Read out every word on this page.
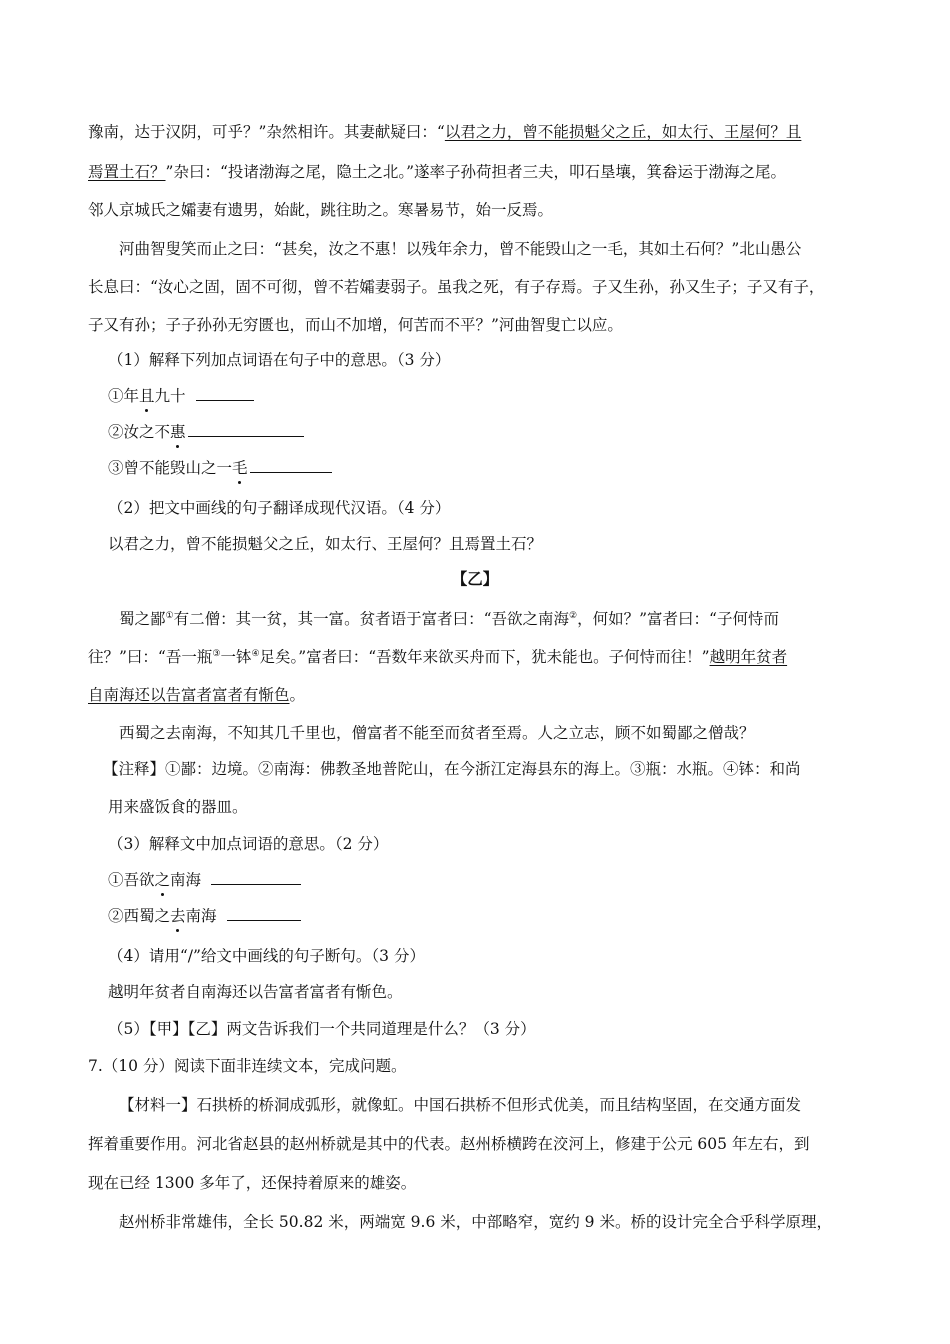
豫南，达于汉阴，可乎？”杂然相许。其妻献疑曰：“以君之力，曾不能损魁父之丘，如太行、王屋何？且
焉置土石？”杂曰：“投诸渤海之尾，隐土之北。”遂率子孙荷担者三夫，叩石垦壤，箕畚运于渤海之尾。
邻人京城氏之孀妻有遗男，始龀，跳往助之。寒暑易节，始一反焉。
河曲智叟笑而止之曰：“甚矣，汝之不惠！以残年余力，曾不能毁山之一毛，其如土石何？”北山愚公
长息曰：“汝心之固，固不可彻，曾不若孀妻弱子。虽我之死，有子存焉。子又生孙，孙又生子；子又有子，
子又有孙；子子孙孙无穷匮也，而山不加增，何苦而不平？”河曲智叟亡以应。
（1）解释下列加点词语在句子中的意思。（3 分）
①年且九十
②汝之不惠
③曾不能毁山之一毛
（2）把文中画线的句子翻译成现代汉语。（4 分）
以君之力，曾不能损魁父之丘，如太行、王屋何？且焉置土石？
【乙】
蜀之鄙①有二僧：其一贫，其一富。贫者语于富者曰：“吾欲之南海②，何如？”富者曰：“子何恃而
往？”曰：“吾一瓶③一钵④足矣。”富者曰：“吾数年来欲买舟而下，犹未能也。子何恃而往！”越明年贫者
自南海还以告富者富者有惭色。
西蜀之去南海，不知其几千里也，僧富者不能至而贫者至焉。人之立志，顾不如蜀鄙之僧哉？
【注释】①鄙：边境。②南海：佛教圣地普陀山，在今浙江定海县东的海上。③瓶：水瓶。④钵：和尚
用来盛饭食的器皿。
（3）解释文中加点词语的意思。（2 分）
①吾欲之南海
②西蜀之去南海
（4）请用“/”给文中画线的句子断句。（3 分）
越明年贫者自南海还以告富者富者有惭色。
（5）【甲】【乙】两文告诉我们一个共同道理是什么？（3 分）
7.（10 分）阅读下面非连续文本，完成问题。
【材料一】石拱桥的桥洞成弧形，就像虹。中国石拱桥不但形式优美，而且结构坚固，在交通方面发
挥着重要作用。河北省赵县的赵州桥就是其中的代表。赵州桥横跨在洨河上，修建于公元 605 年左右，到
现在已经 1300 多年了，还保持着原来的雄姿。
赵州桥非常雄伟，全长 50.82 米，两端宽 9.6 米，中部略窄，宽约 9 米。桥的设计完全合乎科学原理，
